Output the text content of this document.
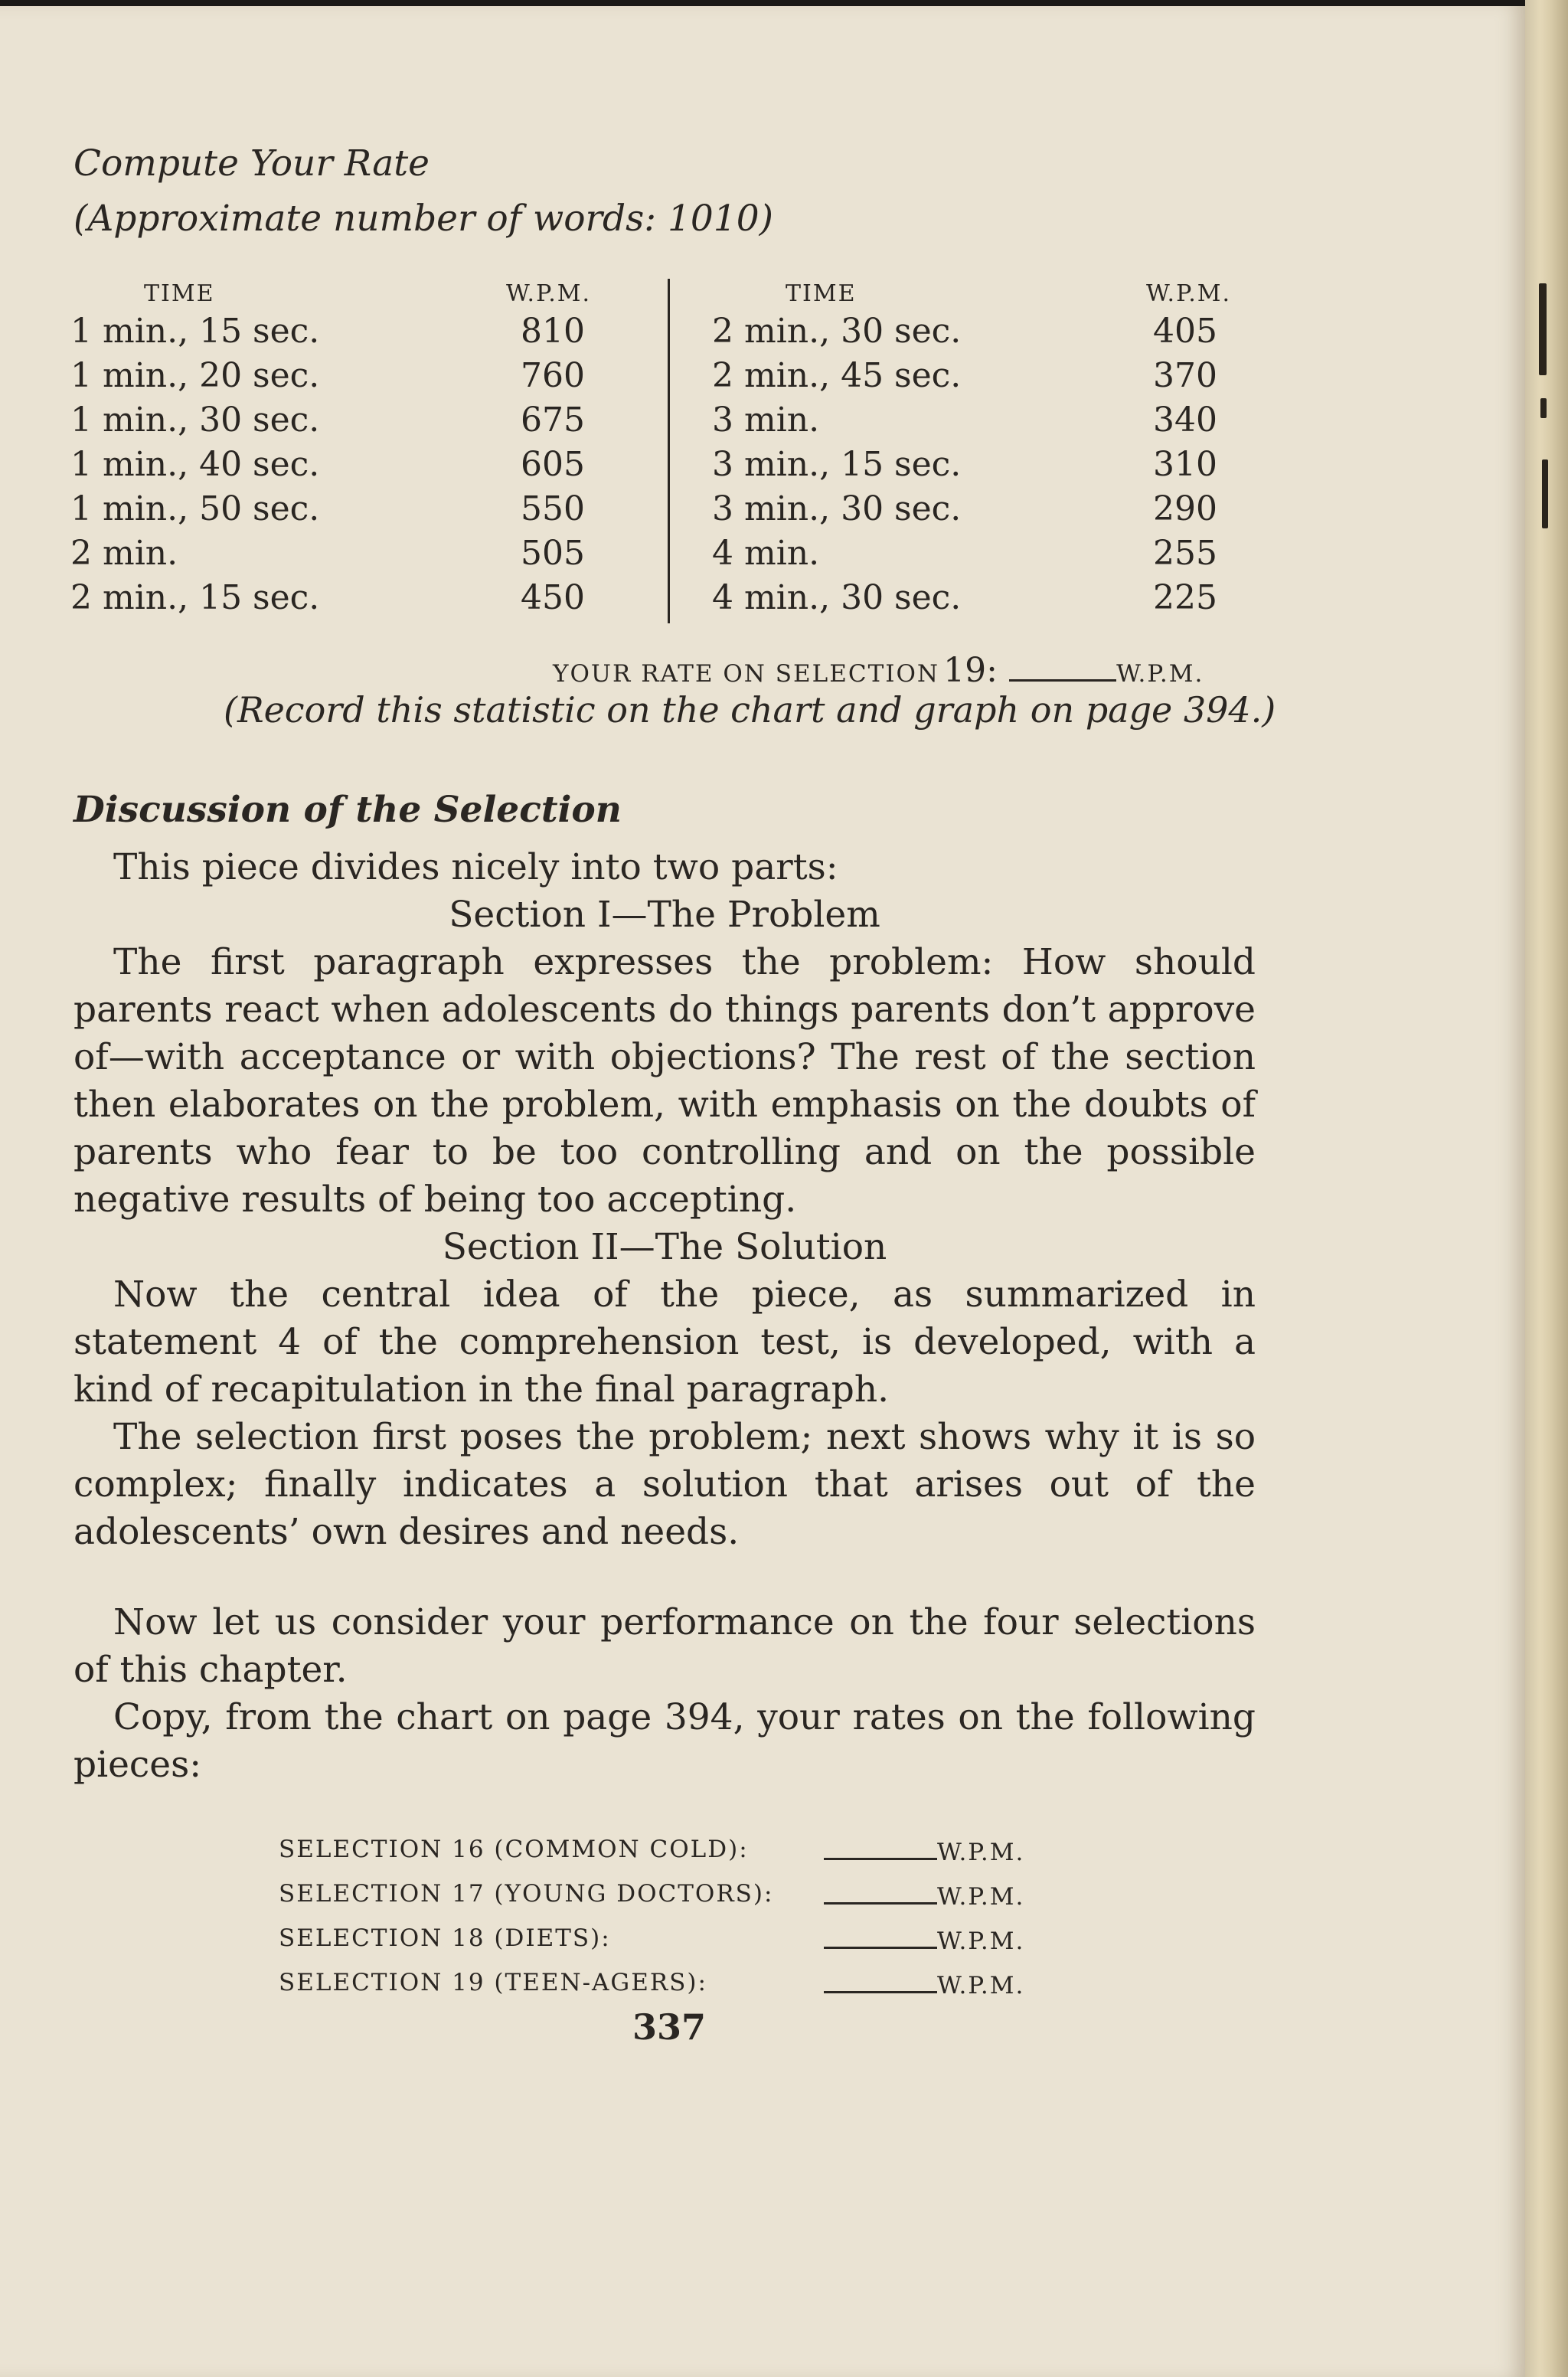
Compute Your Rate
(Approximate number of words: 1010)
TIME	W.P.M.
1 min., 15 sec.	810
1 min., 20 sec.	760
1 min., 30 sec.	675
1 min., 40 sec.	605
1 min., 50 sec.	550
2 min.	505
2 min., 15 sec.	450
TIME	W.P.M.
2 min., 30 sec.	405
2 min., 45 sec.	370
3 min.	340
3 min., 15 sec.	310
3 min., 30 sec.	290
4 min.	255
4 min., 30 sec.	225
YOUR RATE ON SELECTION 19:	W.P.M.
(Record this statistic on the chart and graph on page 394.)
Discussion of the Selection

This piece divides nicely into two parts:

Section I—The Problem

The first paragraph expresses the problem: How should parents react when adolescents do things parents don’t approve of—with acceptance or with objections? The rest of the section then elaborates on the problem, with emphasis on the doubts of parents who fear to be too controlling and on the possible negative results of being too accepting.

Section II—The Solution

Now the central idea of the piece, as summarized in statement 4 of the comprehension test, is developed, with a kind of recapitulation in the final paragraph.

The selection first poses the problem; next shows why it is so complex; finally indicates a solution that arises out of the adolescents’ own desires and needs.

Now let us consider your performance on the four selections of this chapter.

Copy, from the chart on page 394, your rates on the following pieces:

SELECTION 16 (COMMON COLD):	W.P.M.
SELECTION 17 (YOUNG DOCTORS):	W.P.M.
SELECTION 18 (DIETS):	W.P.M.
SELECTION 19 (TEEN-AGERS):	W.P.M.
337
